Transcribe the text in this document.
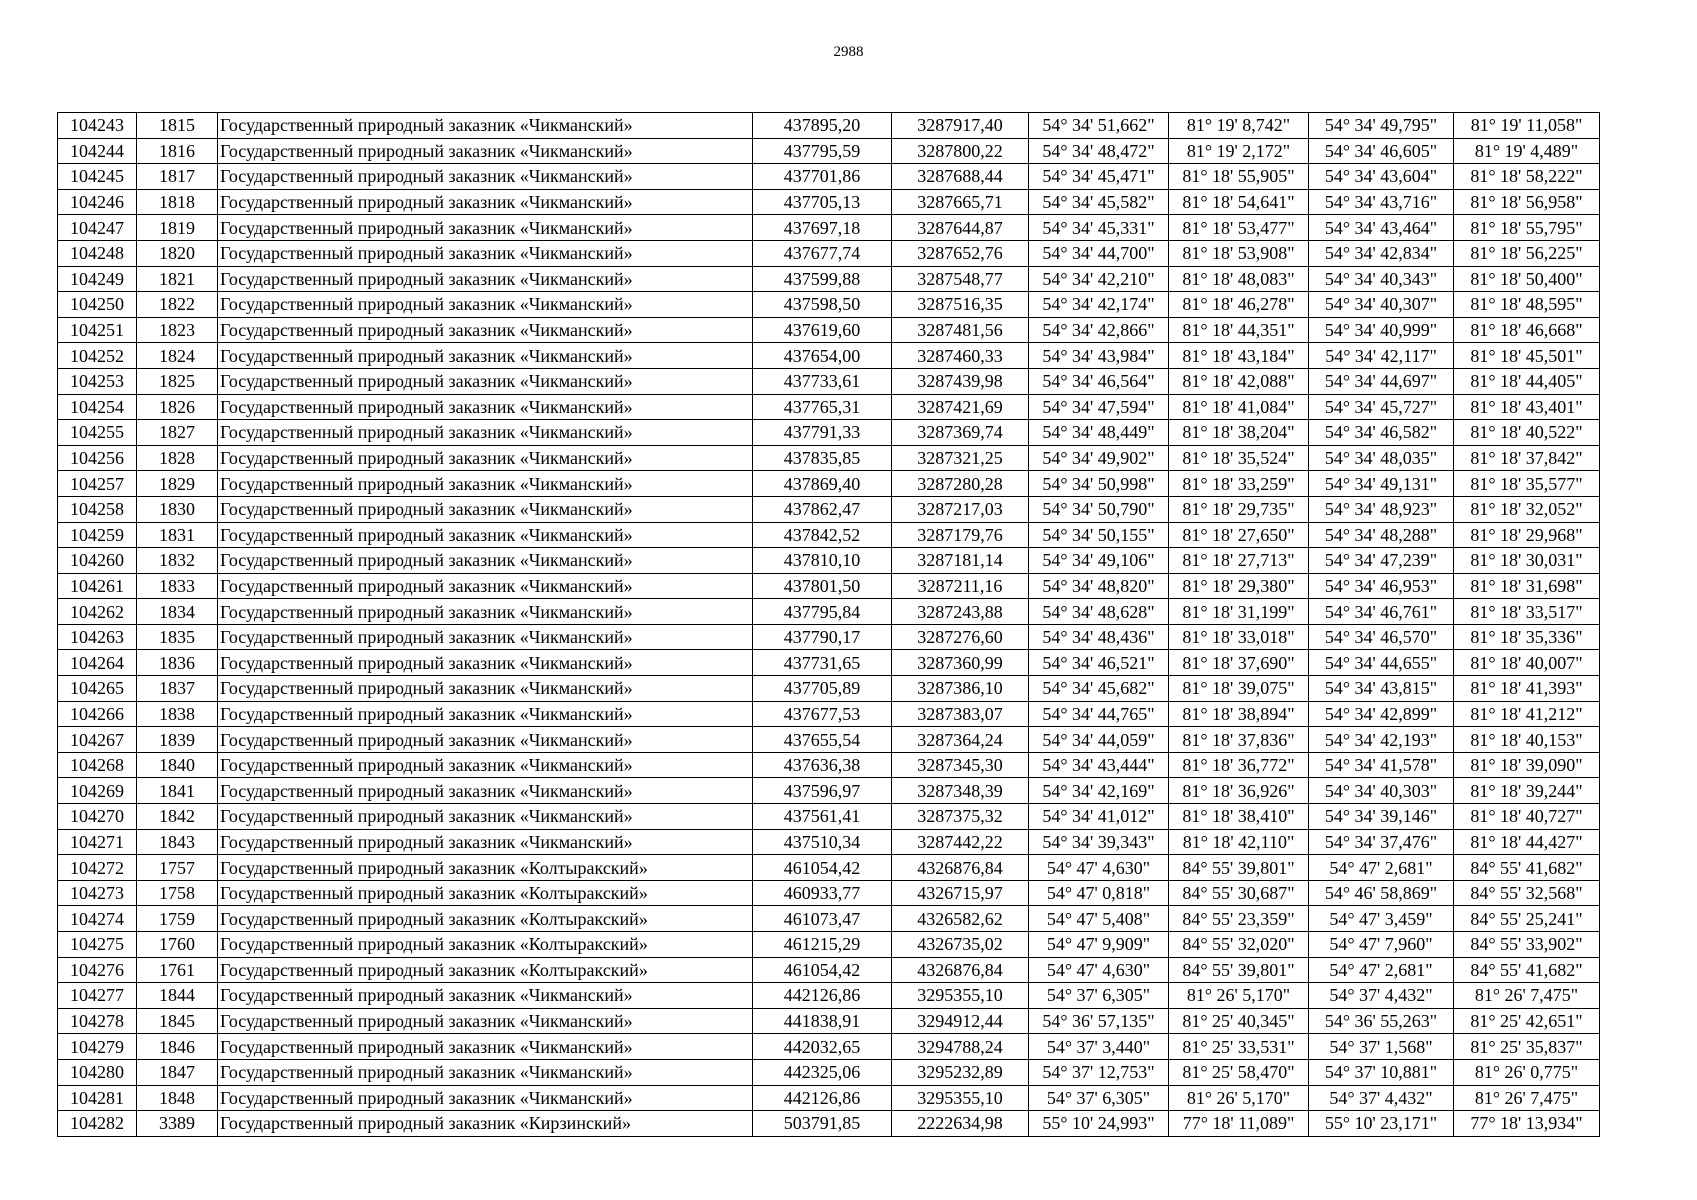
2988
104243	1815	Государственный природный заказник «Чикманский»	437895,20	3287917,40	54° 34' 51,662"	81° 19' 8,742"	54° 34' 49,795"	81° 19' 11,058"
104244	1816	Государственный природный заказник «Чикманский»	437795,59	3287800,22	54° 34' 48,472"	81° 19' 2,172"	54° 34' 46,605"	81° 19' 4,489"
104245	1817	Государственный природный заказник «Чикманский»	437701,86	3287688,44	54° 34' 45,471"	81° 18' 55,905"	54° 34' 43,604"	81° 18' 58,222"
104246	1818	Государственный природный заказник «Чикманский»	437705,13	3287665,71	54° 34' 45,582"	81° 18' 54,641"	54° 34' 43,716"	81° 18' 56,958"
104247	1819	Государственный природный заказник «Чикманский»	437697,18	3287644,87	54° 34' 45,331"	81° 18' 53,477"	54° 34' 43,464"	81° 18' 55,795"
104248	1820	Государственный природный заказник «Чикманский»	437677,74	3287652,76	54° 34' 44,700"	81° 18' 53,908"	54° 34' 42,834"	81° 18' 56,225"
104249	1821	Государственный природный заказник «Чикманский»	437599,88	3287548,77	54° 34' 42,210"	81° 18' 48,083"	54° 34' 40,343"	81° 18' 50,400"
104250	1822	Государственный природный заказник «Чикманский»	437598,50	3287516,35	54° 34' 42,174"	81° 18' 46,278"	54° 34' 40,307"	81° 18' 48,595"
104251	1823	Государственный природный заказник «Чикманский»	437619,60	3287481,56	54° 34' 42,866"	81° 18' 44,351"	54° 34' 40,999"	81° 18' 46,668"
104252	1824	Государственный природный заказник «Чикманский»	437654,00	3287460,33	54° 34' 43,984"	81° 18' 43,184"	54° 34' 42,117"	81° 18' 45,501"
104253	1825	Государственный природный заказник «Чикманский»	437733,61	3287439,98	54° 34' 46,564"	81° 18' 42,088"	54° 34' 44,697"	81° 18' 44,405"
104254	1826	Государственный природный заказник «Чикманский»	437765,31	3287421,69	54° 34' 47,594"	81° 18' 41,084"	54° 34' 45,727"	81° 18' 43,401"
104255	1827	Государственный природный заказник «Чикманский»	437791,33	3287369,74	54° 34' 48,449"	81° 18' 38,204"	54° 34' 46,582"	81° 18' 40,522"
104256	1828	Государственный природный заказник «Чикманский»	437835,85	3287321,25	54° 34' 49,902"	81° 18' 35,524"	54° 34' 48,035"	81° 18' 37,842"
104257	1829	Государственный природный заказник «Чикманский»	437869,40	3287280,28	54° 34' 50,998"	81° 18' 33,259"	54° 34' 49,131"	81° 18' 35,577"
104258	1830	Государственный природный заказник «Чикманский»	437862,47	3287217,03	54° 34' 50,790"	81° 18' 29,735"	54° 34' 48,923"	81° 18' 32,052"
104259	1831	Государственный природный заказник «Чикманский»	437842,52	3287179,76	54° 34' 50,155"	81° 18' 27,650"	54° 34' 48,288"	81° 18' 29,968"
104260	1832	Государственный природный заказник «Чикманский»	437810,10	3287181,14	54° 34' 49,106"	81° 18' 27,713"	54° 34' 47,239"	81° 18' 30,031"
104261	1833	Государственный природный заказник «Чикманский»	437801,50	3287211,16	54° 34' 48,820"	81° 18' 29,380"	54° 34' 46,953"	81° 18' 31,698"
104262	1834	Государственный природный заказник «Чикманский»	437795,84	3287243,88	54° 34' 48,628"	81° 18' 31,199"	54° 34' 46,761"	81° 18' 33,517"
104263	1835	Государственный природный заказник «Чикманский»	437790,17	3287276,60	54° 34' 48,436"	81° 18' 33,018"	54° 34' 46,570"	81° 18' 35,336"
104264	1836	Государственный природный заказник «Чикманский»	437731,65	3287360,99	54° 34' 46,521"	81° 18' 37,690"	54° 34' 44,655"	81° 18' 40,007"
104265	1837	Государственный природный заказник «Чикманский»	437705,89	3287386,10	54° 34' 45,682"	81° 18' 39,075"	54° 34' 43,815"	81° 18' 41,393"
104266	1838	Государственный природный заказник «Чикманский»	437677,53	3287383,07	54° 34' 44,765"	81° 18' 38,894"	54° 34' 42,899"	81° 18' 41,212"
104267	1839	Государственный природный заказник «Чикманский»	437655,54	3287364,24	54° 34' 44,059"	81° 18' 37,836"	54° 34' 42,193"	81° 18' 40,153"
104268	1840	Государственный природный заказник «Чикманский»	437636,38	3287345,30	54° 34' 43,444"	81° 18' 36,772"	54° 34' 41,578"	81° 18' 39,090"
104269	1841	Государственный природный заказник «Чикманский»	437596,97	3287348,39	54° 34' 42,169"	81° 18' 36,926"	54° 34' 40,303"	81° 18' 39,244"
104270	1842	Государственный природный заказник «Чикманский»	437561,41	3287375,32	54° 34' 41,012"	81° 18' 38,410"	54° 34' 39,146"	81° 18' 40,727"
104271	1843	Государственный природный заказник «Чикманский»	437510,34	3287442,22	54° 34' 39,343"	81° 18' 42,110"	54° 34' 37,476"	81° 18' 44,427"
104272	1757	Государственный природный заказник «Колтыракский»	461054,42	4326876,84	54° 47' 4,630"	84° 55' 39,801"	54° 47' 2,681"	84° 55' 41,682"
104273	1758	Государственный природный заказник «Колтыракский»	460933,77	4326715,97	54° 47' 0,818"	84° 55' 30,687"	54° 46' 58,869"	84° 55' 32,568"
104274	1759	Государственный природный заказник «Колтыракский»	461073,47	4326582,62	54° 47' 5,408"	84° 55' 23,359"	54° 47' 3,459"	84° 55' 25,241"
104275	1760	Государственный природный заказник «Колтыракский»	461215,29	4326735,02	54° 47' 9,909"	84° 55' 32,020"	54° 47' 7,960"	84° 55' 33,902"
104276	1761	Государственный природный заказник «Колтыракский»	461054,42	4326876,84	54° 47' 4,630"	84° 55' 39,801"	54° 47' 2,681"	84° 55' 41,682"
104277	1844	Государственный природный заказник «Чикманский»	442126,86	3295355,10	54° 37' 6,305"	81° 26' 5,170"	54° 37' 4,432"	81° 26' 7,475"
104278	1845	Государственный природный заказник «Чикманский»	441838,91	3294912,44	54° 36' 57,135"	81° 25' 40,345"	54° 36' 55,263"	81° 25' 42,651"
104279	1846	Государственный природный заказник «Чикманский»	442032,65	3294788,24	54° 37' 3,440"	81° 25' 33,531"	54° 37' 1,568"	81° 25' 35,837"
104280	1847	Государственный природный заказник «Чикманский»	442325,06	3295232,89	54° 37' 12,753"	81° 25' 58,470"	54° 37' 10,881"	81° 26' 0,775"
104281	1848	Государственный природный заказник «Чикманский»	442126,86	3295355,10	54° 37' 6,305"	81° 26' 5,170"	54° 37' 4,432"	81° 26' 7,475"
104282	3389	Государственный природный заказник «Кирзинский»	503791,85	2222634,98	55° 10' 24,993"	77° 18' 11,089"	55° 10' 23,171"	77° 18' 13,934"
